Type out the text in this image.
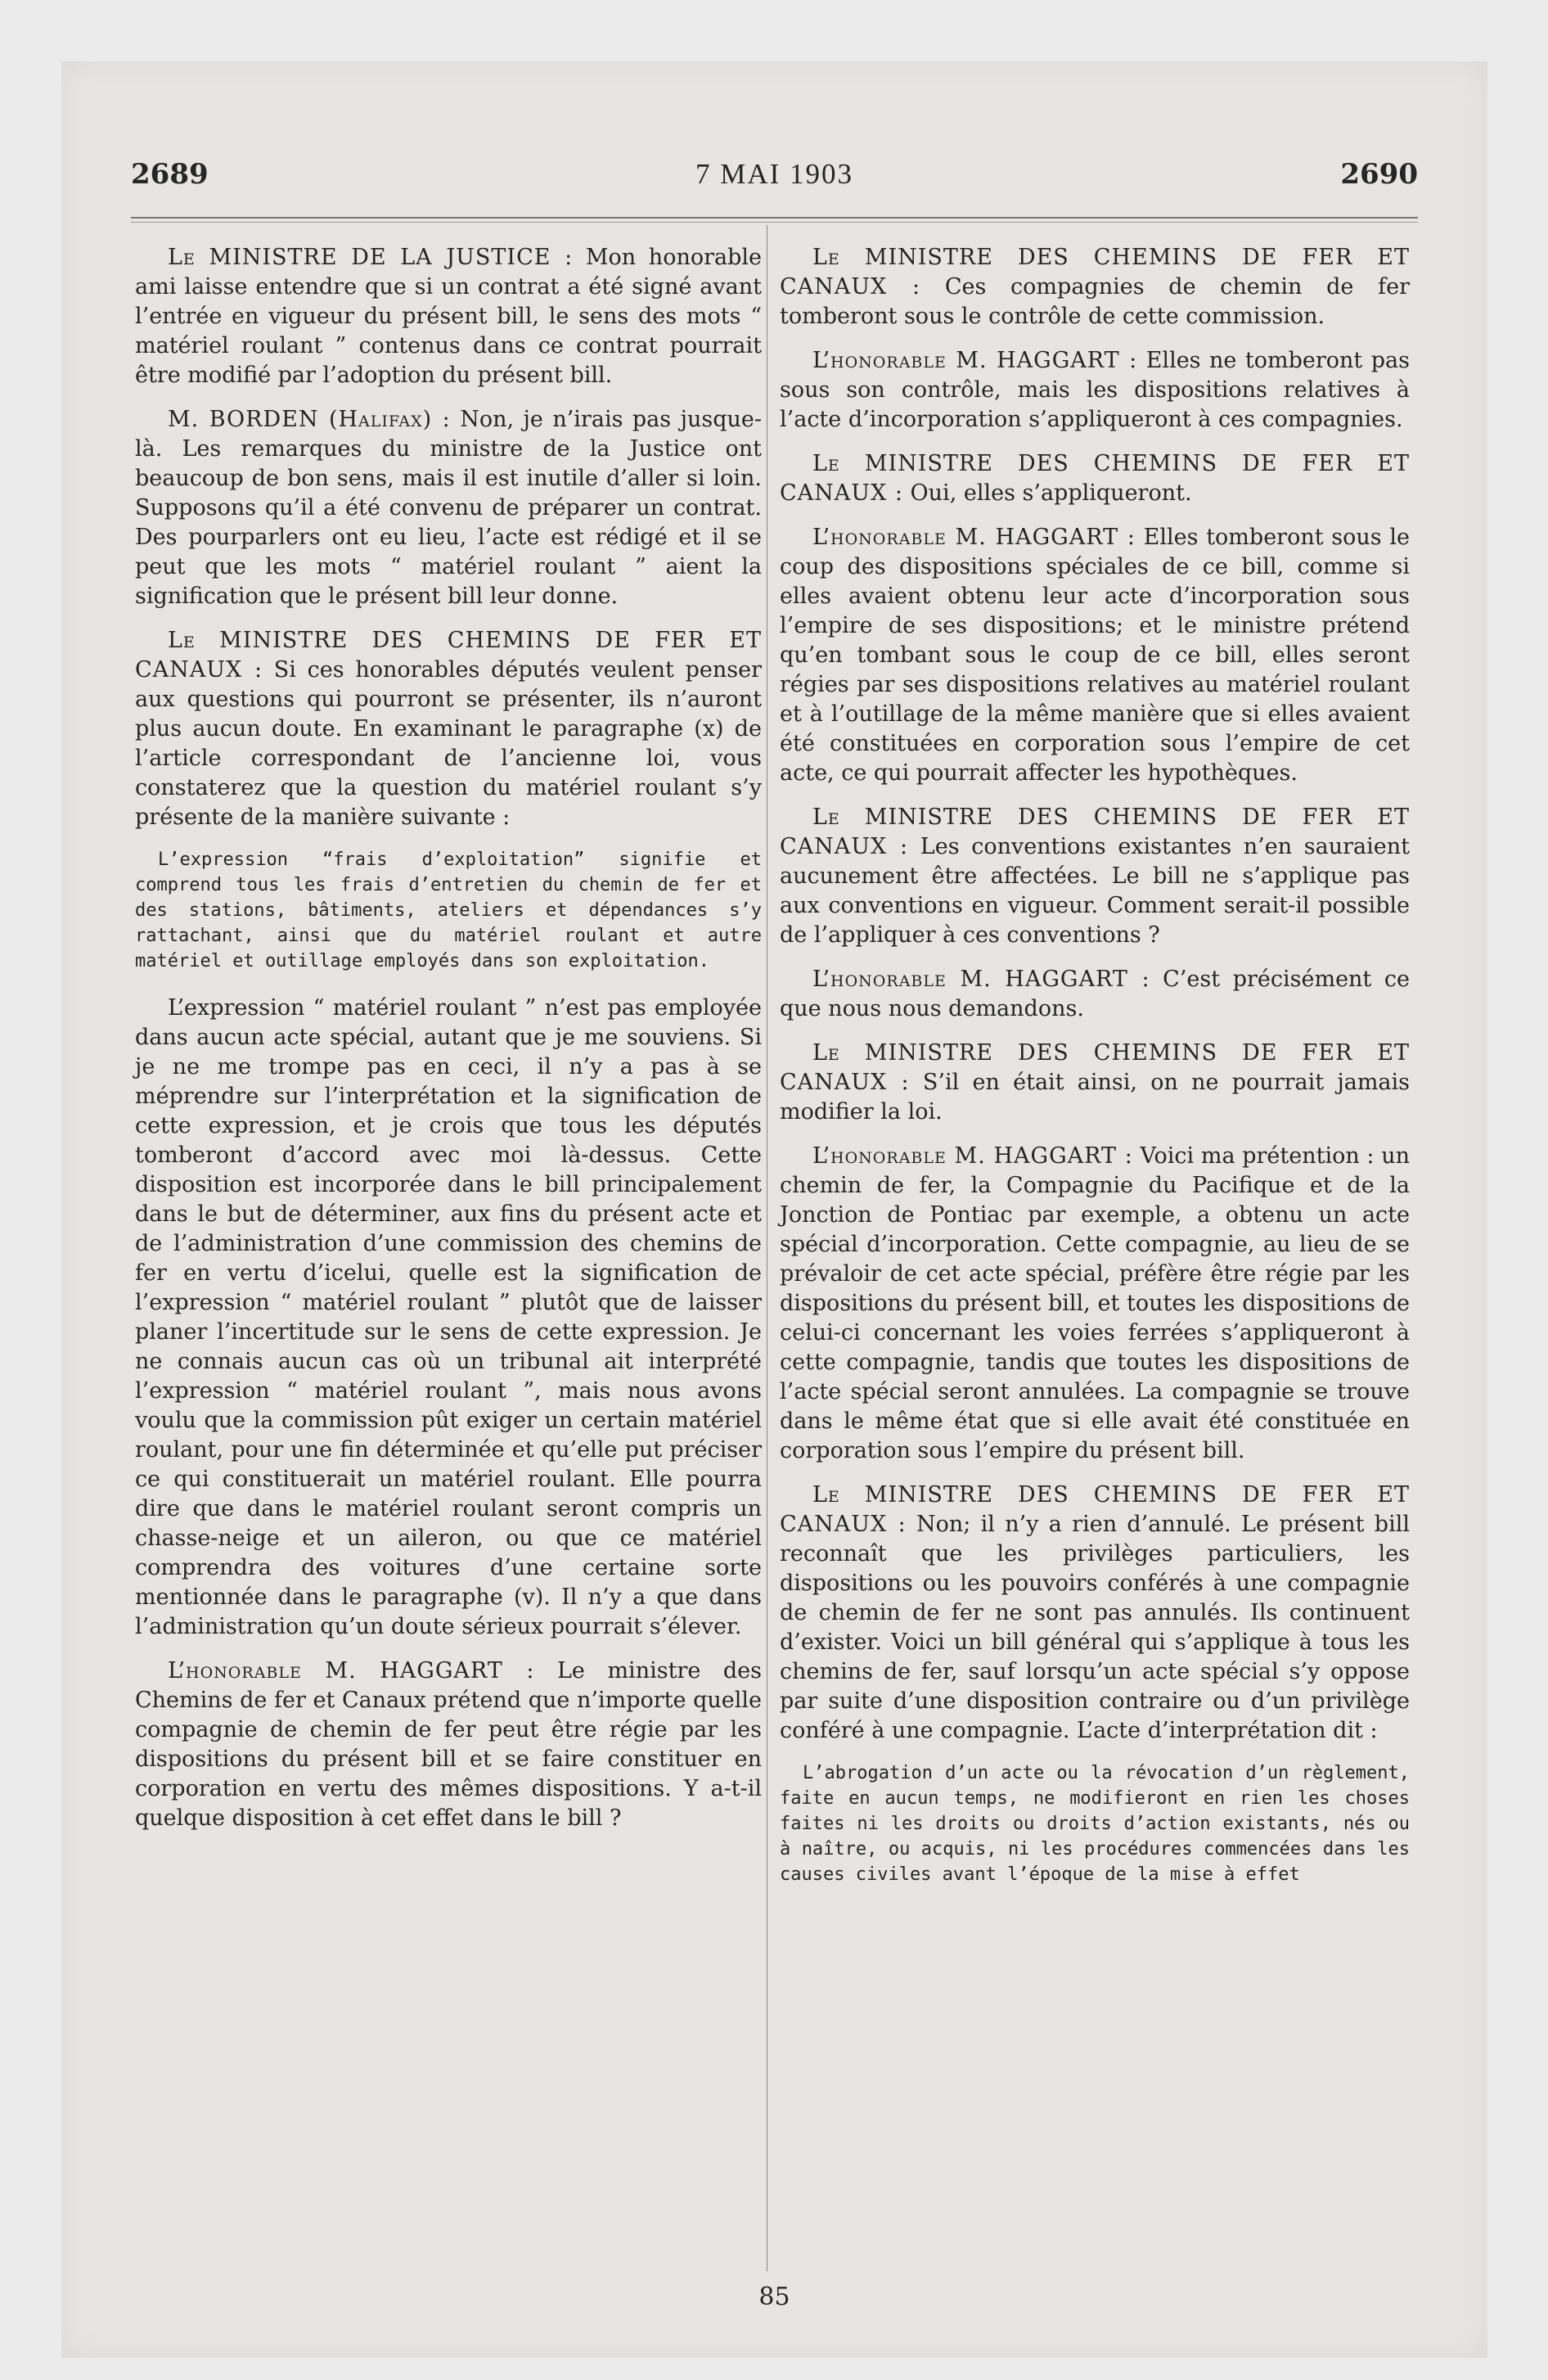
2689	7 MAI 1903	2690

Le MINISTRE DE LA JUSTICE : Mon honorable ami laisse entendre que si un contrat a été signé avant l’entrée en vigueur du présent bill, le sens des mots “ matériel roulant ” contenus dans ce contrat pourrait être modifié par l’adoption du présent bill.

M. BORDEN (Halifax) : Non, je n’irais pas jusque-là. Les remarques du ministre de la Justice ont beaucoup de bon sens, mais il est inutile d’aller si loin. Supposons qu’il a été convenu de préparer un contrat. Des pourparlers ont eu lieu, l’acte est rédigé et il se peut que les mots “ matériel roulant ” aient la signification que le présent bill leur donne.

Le MINISTRE DES CHEMINS DE FER ET CANAUX : Si ces honorables députés veulent penser aux questions qui pourront se présenter, ils n’auront plus aucun doute. En examinant le paragraphe (x) de l’article correspondant de l’ancienne loi, vous constaterez que la question du matériel roulant s’y présente de la manière suivante :

L’expression “frais d’exploitation” signifie et comprend tous les frais d’entretien du chemin de fer et des stations, bâtiments, ateliers et dépendances s’y rattachant, ainsi que du matériel roulant et autre matériel et outillage employés dans son exploitation.

L’expression “ matériel roulant ” n’est pas employée dans aucun acte spécial, autant que je me souviens. Si je ne me trompe pas en ceci, il n’y a pas à se méprendre sur l’interprétation et la signification de cette expression, et je crois que tous les députés tomberont d’accord avec moi là-dessus. Cette disposition est incorporée dans le bill principalement dans le but de déterminer, aux fins du présent acte et de l’administration d’une commission des chemins de fer en vertu d’icelui, quelle est la signification de l’expression “ matériel roulant ” plutôt que de laisser planer l’incertitude sur le sens de cette expression. Je ne connais aucun cas où un tribunal ait interprété l’expression “ matériel roulant ”, mais nous avons voulu que la commission pût exiger un certain matériel roulant, pour une fin déterminée et qu’elle put préciser ce qui constituerait un matériel roulant. Elle pourra dire que dans le matériel roulant seront compris un chasse-neige et un aileron, ou que ce matériel comprendra des voitures d’une certaine sorte mentionnée dans le paragraphe (v). Il n’y a que dans l’administration qu’un doute sérieux pourrait s’élever.

L’honorable M. HAGGART : Le ministre des Chemins de fer et Canaux prétend que n’importe quelle compagnie de chemin de fer peut être régie par les dispositions du présent bill et se faire constituer en corporation en vertu des mêmes dispositions. Y a-t-il quelque disposition à cet effet dans le bill ?

Le MINISTRE DES CHEMINS DE FER ET CANAUX : Ces compagnies de chemin de fer tomberont sous le contrôle de cette commission.

L’honorable M. HAGGART : Elles ne tomberont pas sous son contrôle, mais les dispositions relatives à l’acte d’incorporation s’appliqueront à ces compagnies.

Le MINISTRE DES CHEMINS DE FER ET CANAUX : Oui, elles s’appliqueront.

L’honorable M. HAGGART : Elles tomberont sous le coup des dispositions spéciales de ce bill, comme si elles avaient obtenu leur acte d’incorporation sous l’empire de ses dispositions; et le ministre prétend qu’en tombant sous le coup de ce bill, elles seront régies par ses dispositions relatives au matériel roulant et à l’outillage de la même manière que si elles avaient été constituées en corporation sous l’empire de cet acte, ce qui pourrait affecter les hypothèques.

Le MINISTRE DES CHEMINS DE FER ET CANAUX : Les conventions existantes n’en sauraient aucunement être affectées. Le bill ne s’applique pas aux conventions en vigueur. Comment serait-il possible de l’appliquer à ces conventions ?

L’honorable M. HAGGART : C’est précisément ce que nous nous demandons.

Le MINISTRE DES CHEMINS DE FER ET CANAUX : S’il en était ainsi, on ne pourrait jamais modifier la loi.

L’honorable M. HAGGART : Voici ma prétention : un chemin de fer, la Compagnie du Pacifique et de la Jonction de Pontiac par exemple, a obtenu un acte spécial d’incorporation. Cette compagnie, au lieu de se prévaloir de cet acte spécial, préfère être régie par les dispositions du présent bill, et toutes les dispositions de celui-ci concernant les voies ferrées s’appliqueront à cette compagnie, tandis que toutes les dispositions de l’acte spécial seront annulées. La compagnie se trouve dans le même état que si elle avait été constituée en corporation sous l’empire du présent bill.

Le MINISTRE DES CHEMINS DE FER ET CANAUX : Non; il n’y a rien d’annulé. Le présent bill reconnaît que les privilèges particuliers, les dispositions ou les pouvoirs conférés à une compagnie de chemin de fer ne sont pas annulés. Ils continuent d’exister. Voici un bill général qui s’applique à tous les chemins de fer, sauf lorsqu’un acte spécial s’y oppose par suite d’une disposition contraire ou d’un privilège conféré à une compagnie. L’acte d’interprétation dit :

L’abrogation d’un acte ou la révocation d’un règlement, faite en aucun temps, ne modifieront en rien les choses faites ni les droits ou droits d’action existants, nés ou à naître, ou acquis, ni les procédures commencées dans les causes civiles avant l’époque de la mise à effet

85
